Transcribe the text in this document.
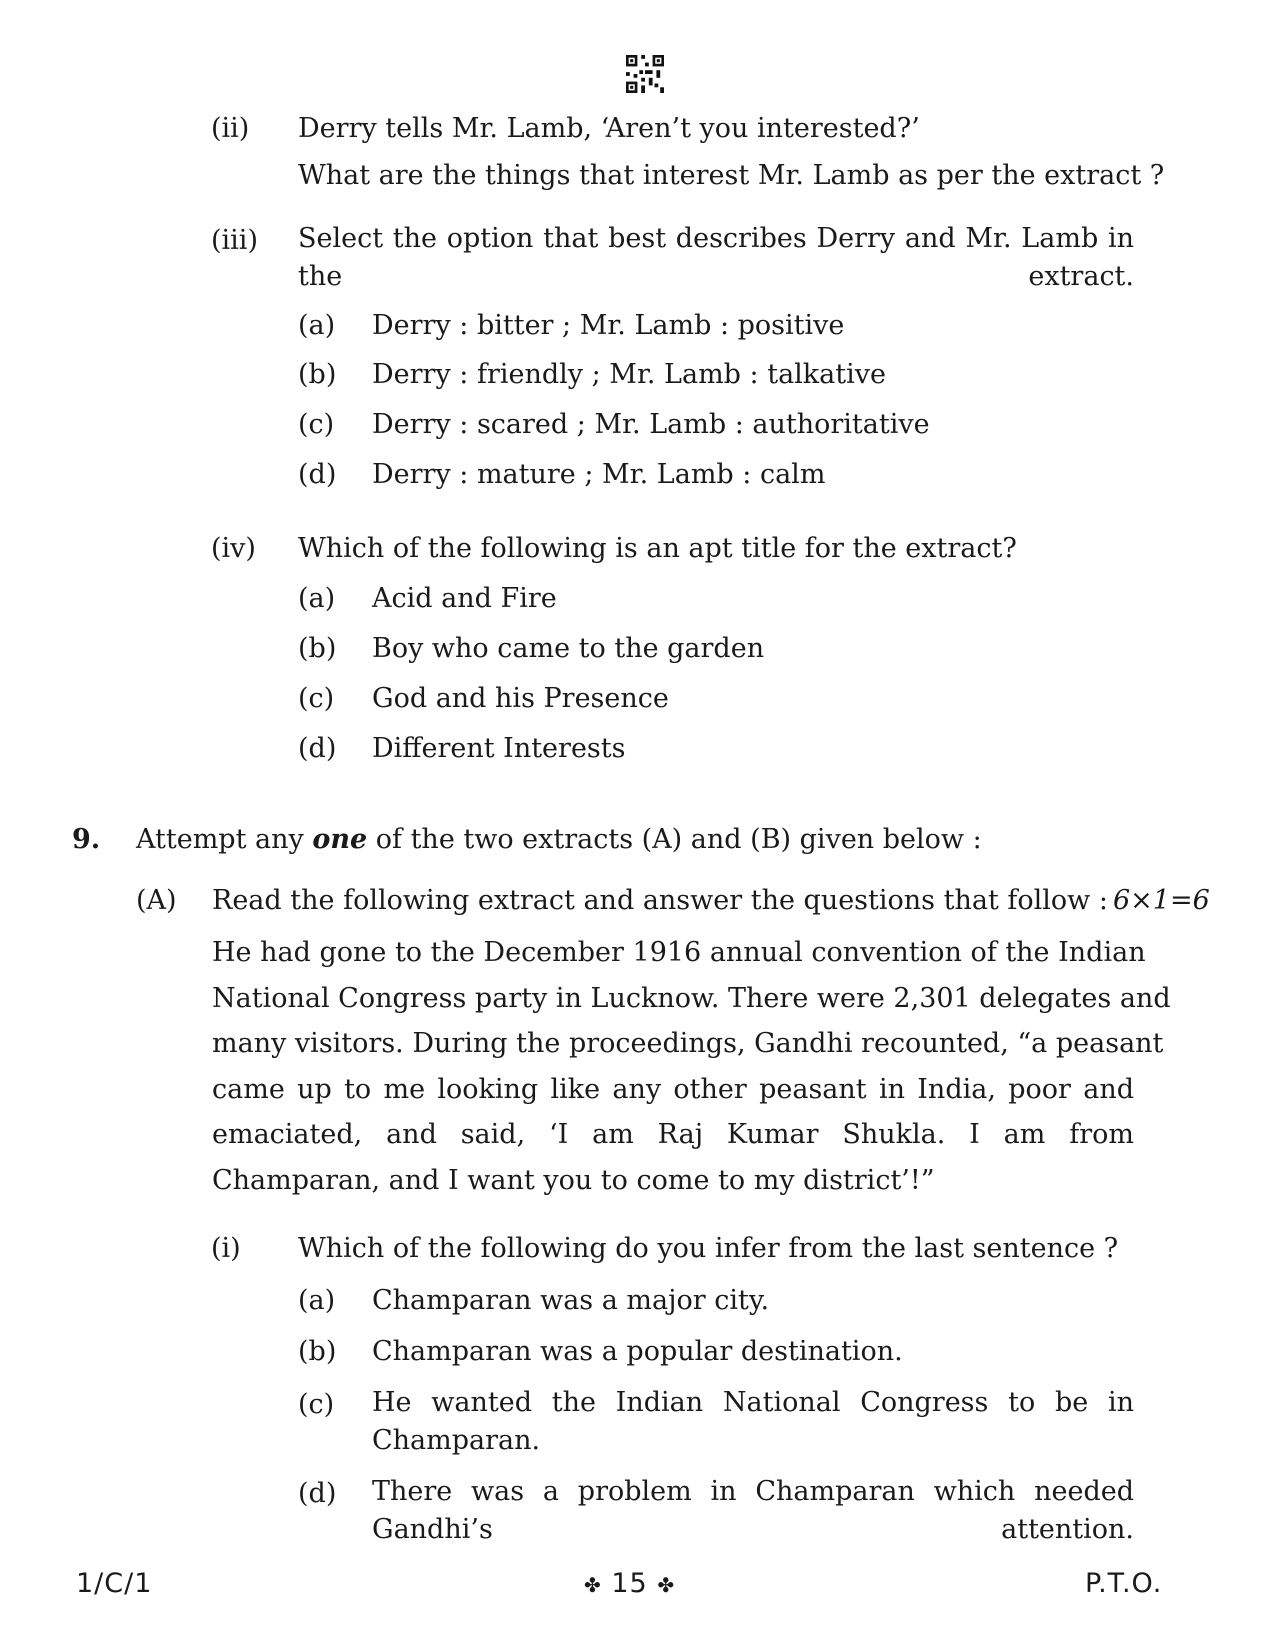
(ii) Derry tells Mr. Lamb, ‘Aren’t you interested?’
What are the things that interest Mr. Lamb as per the extract ?
(iii) Select the option that best describes Derry and Mr. Lamb in the extract.
(a) Derry : bitter ; Mr. Lamb : positive
(b) Derry : friendly ; Mr. Lamb : talkative
(c) Derry : scared ; Mr. Lamb : authoritative
(d) Derry : mature ; Mr. Lamb : calm
(iv) Which of the following is an apt title for the extract?
(a) Acid and Fire
(b) Boy who came to the garden
(c) God and his Presence
(d) Different Interests
9. Attempt any one of the two extracts (A) and (B) given below :
(A) Read the following extract and answer the questions that follow : 6×1=6
He had gone to the December 1916 annual convention of the Indian
National Congress party in Lucknow. There were 2,301 delegates and
many visitors. During the proceedings, Gandhi recounted, “a peasant
came up to me looking like any other peasant in India, poor and
emaciated, and said, ‘I am Raj Kumar Shukla. I am from
Champaran, and I want you to come to my district’!”
(i) Which of the following do you infer from the last sentence ?
(a) Champaran was a major city.
(b) Champaran was a popular destination.
(c) He wanted the Indian National Congress to be in Champaran.
(d) There was a problem in Champaran which needed Gandhi’s attention.
1/C/1	✤ 15 ✤	P.T.O.
